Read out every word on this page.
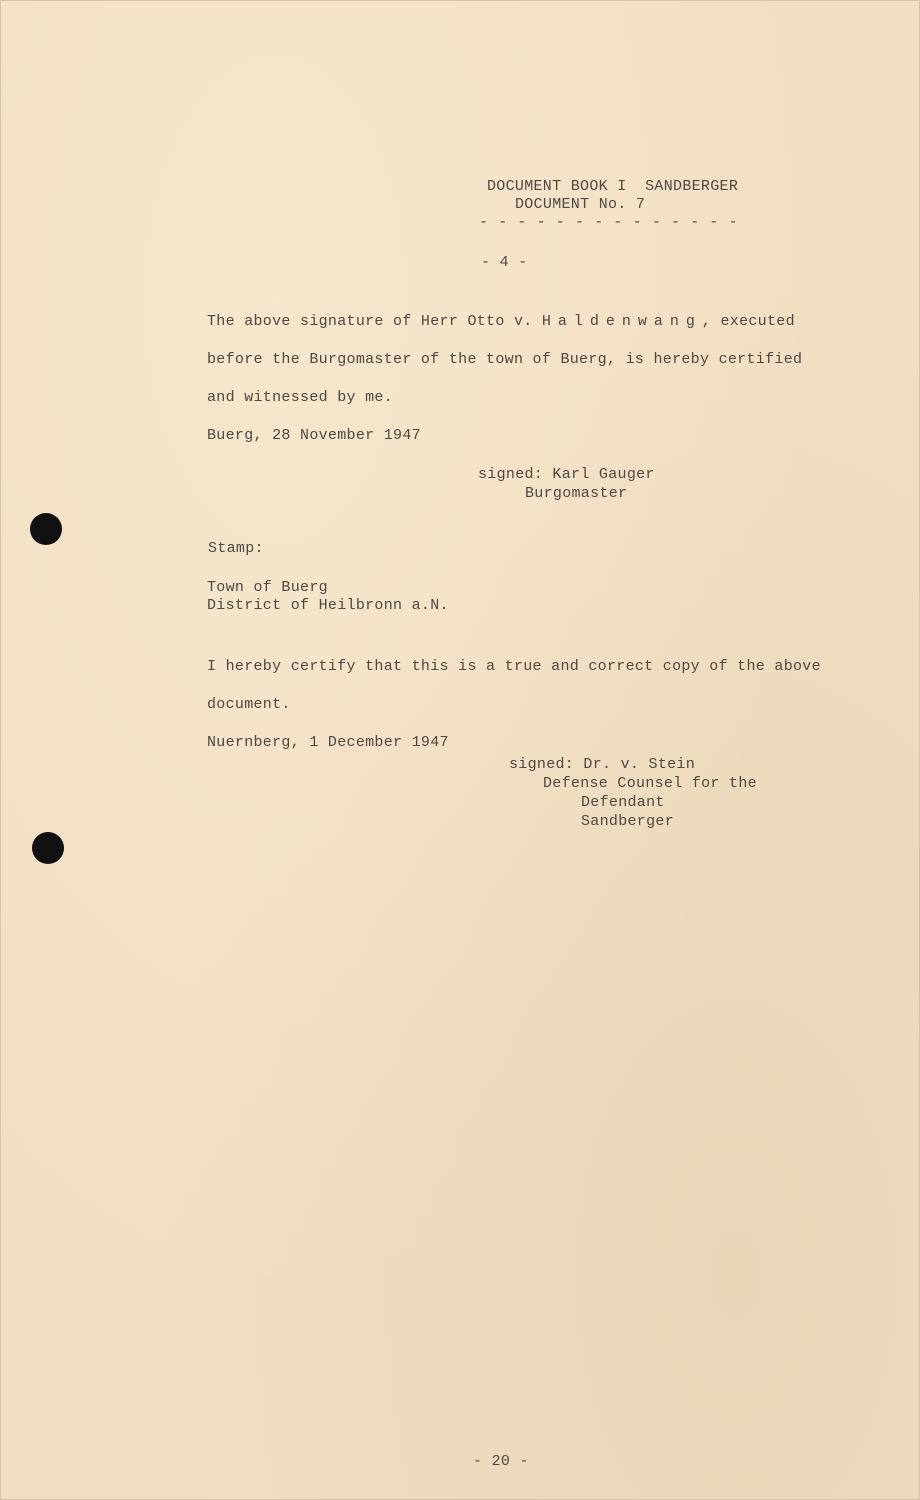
DOCUMENT BOOK I  SANDBERGER
DOCUMENT No. 7
- - - - - - - - - - - - - -
- 4 -
The above signature of Herr Otto v. Haldenwang, executed
before the Burgomaster of the town of Buerg, is hereby certified
and witnessed by me.
Buerg, 28 November 1947
signed: Karl Gauger
Burgomaster
Stamp:
Town of Buerg
District of Heilbronn a.N.
I hereby certify that this is a true and correct copy of the above
document.
Nuernberg, 1 December 1947
signed: Dr. v. Stein
Defense Counsel for the
Defendant
Sandberger
- 20 -
